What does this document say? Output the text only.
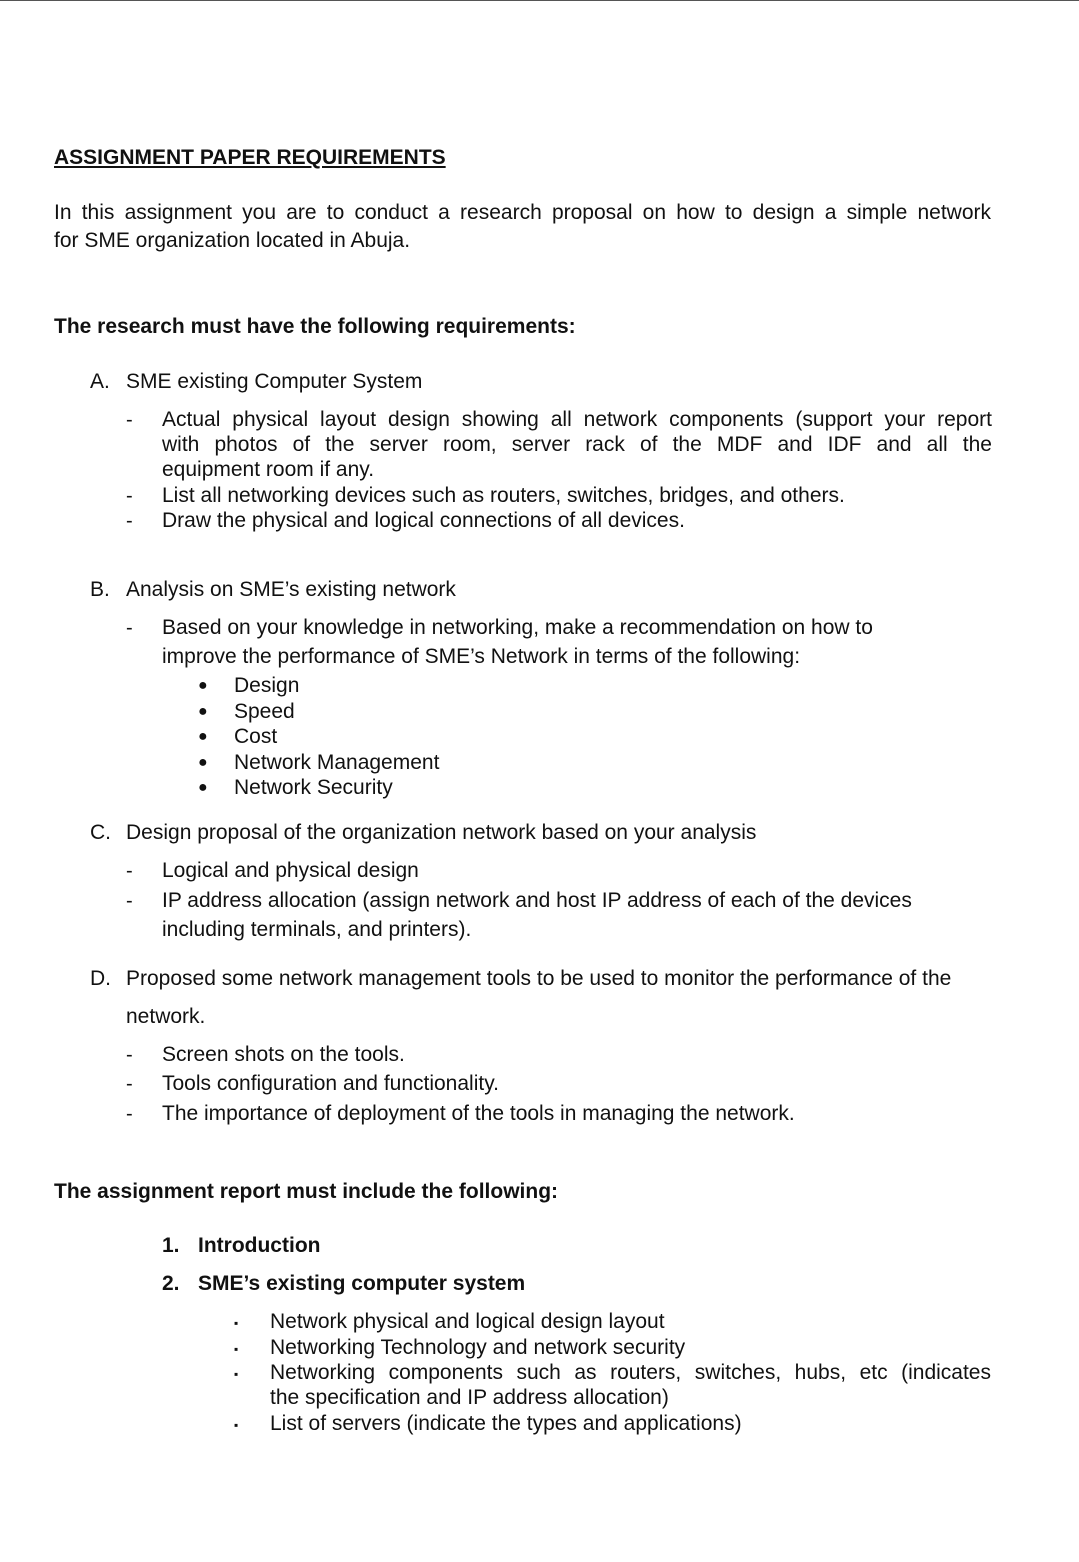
ASSIGNMENT PAPER REQUIREMENTS
In this assignment you are to conduct a research proposal on how to design a simple network
for SME organization located in Abuja.
The research must have the following requirements:
A. SME existing Computer System
- Actual physical layout design showing all network components (support your report
with photos of the server room, server rack of the MDF and IDF and all the
equipment room if any.
- List all networking devices such as routers, switches, bridges, and others.
- Draw the physical and logical connections of all devices.
B. Analysis on SME’s existing network
- Based on your knowledge in networking, make a recommendation on how to
improve the performance of SME’s Network in terms of the following:
● Design
● Speed
● Cost
● Network Management
● Network Security
C. Design proposal of the organization network based on your analysis
- Logical and physical design
- IP address allocation (assign network and host IP address of each of the devices
including terminals, and printers).
D. Proposed some network management tools to be used to monitor the performance of the
network.
- Screen shots on the tools.
- Tools configuration and functionality.
- The importance of deployment of the tools in managing the network.
The assignment report must include the following:
1. Introduction
2. SME’s existing computer system
▪ Network physical and logical design layout
▪ Networking Technology and network security
▪ Networking components such as routers, switches, hubs, etc (indicates
the specification and IP address allocation)
▪ List of servers (indicate the types and applications)
